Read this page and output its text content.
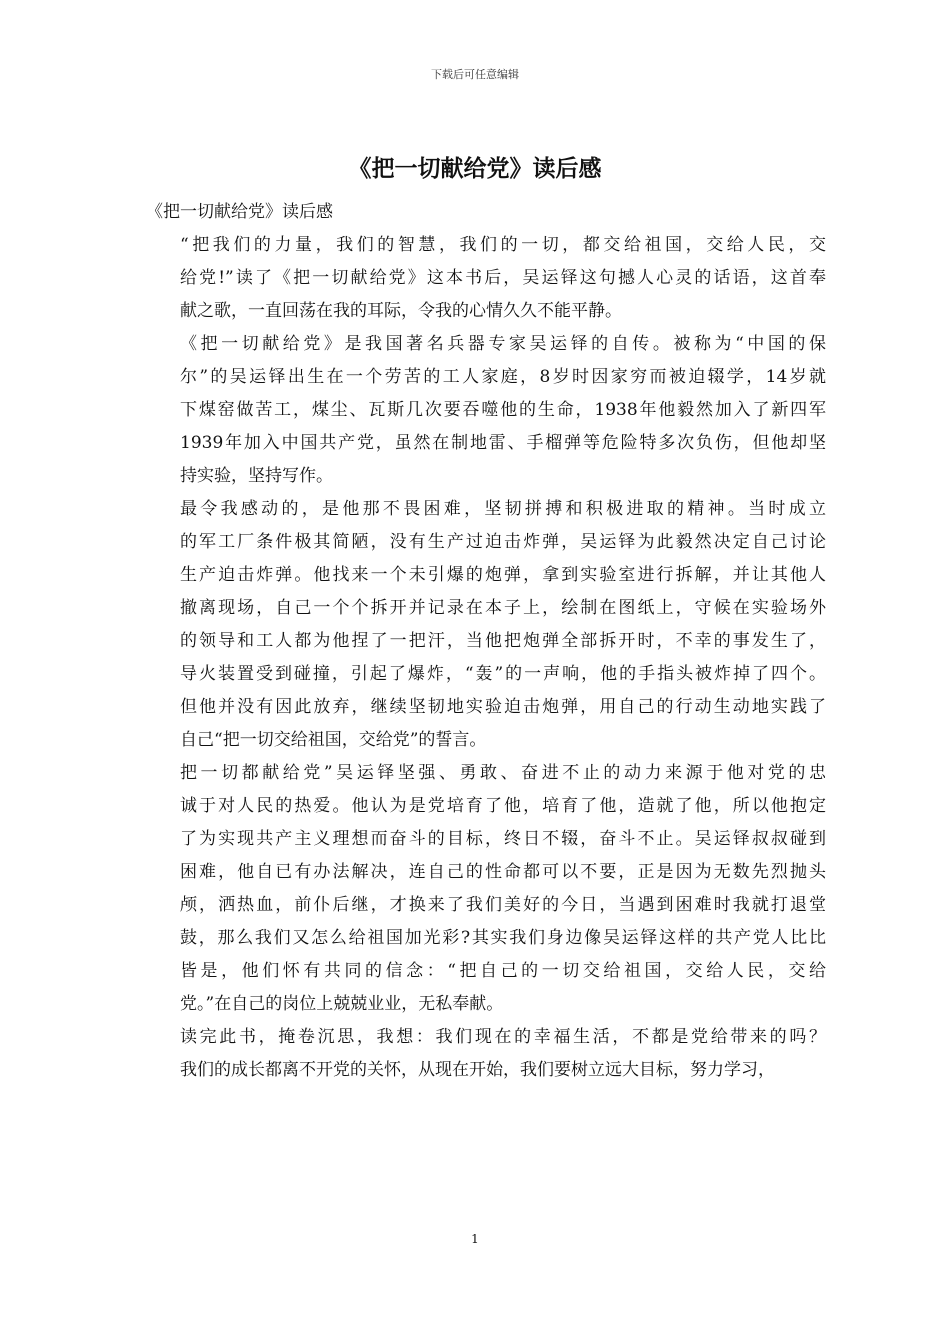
下载后可任意编辑
《把一切献给党》读后感

《把一切献给党》读后感

“把我们的力量，我们的智慧，我们的一切，都交给祖国，交给人民，交
给党!”读了《把一切献给党》这本书后，吴运铎这句撼人心灵的话语，这首奉
献之歌，一直回荡在我的耳际，令我的心情久久不能平静。

《把一切献给党》是我国著名兵器专家吴运铎的自传。被称为“中国的保
尔”的吴运铎出生在一个劳苦的工人家庭，8岁时因家穷而被迫辍学，14岁就
下煤窑做苦工，煤尘、瓦斯几次要吞噬他的生命，1938年他毅然加入了新四军
1939年加入中国共产党，虽然在制地雷、手榴弹等危险特多次负伤，但他却坚
持实验，坚持写作。

最令我感动的，是他那不畏困难，坚韧拼搏和积极进取的精神。当时成立
的军工厂条件极其简陋，没有生产过迫击炸弹，吴运铎为此毅然决定自己讨论
生产迫击炸弹。他找来一个未引爆的炮弹，拿到实验室进行拆解，并让其他人
撤离现场，自己一个个拆开并记录在本子上，绘制在图纸上，守候在实验场外
的领导和工人都为他捏了一把汗，当他把炮弹全部拆开时，不幸的事发生了，
导火装置受到碰撞，引起了爆炸，“轰”的一声响，他的手指头被炸掉了四个。
但他并没有因此放弃，继续坚韧地实验迫击炮弹，用自己的行动生动地实践了
自己“把一切交给祖国，交给党”的誓言。

把一切都献给党”吴运铎坚强、勇敢、奋进不止的动力来源于他对党的忠
诚于对人民的热爱。他认为是党培育了他，培育了他，造就了他，所以他抱定
了为实现共产主义理想而奋斗的目标，终日不辍，奋斗不止。吴运铎叔叔碰到
困难，他自已有办法解决，连自己的性命都可以不要，正是因为无数先烈抛头
颅，洒热血，前仆后继，才换来了我们美好的今日，当遇到困难时我就打退堂
鼓，那么我们又怎么给祖国加光彩?其实我们身边像吴运铎这样的共产党人比比
皆是，他们怀有共同的信念：“把自己的一切交给祖国，交给人民，交给
党。”在自己的岗位上兢兢业业，无私奉献。

读完此书，掩卷沉思，我想：我们现在的幸福生活，不都是党给带来的吗？
我们的成长都离不开党的关怀，从现在开始，我们要树立远大目标，努力学习，

1
